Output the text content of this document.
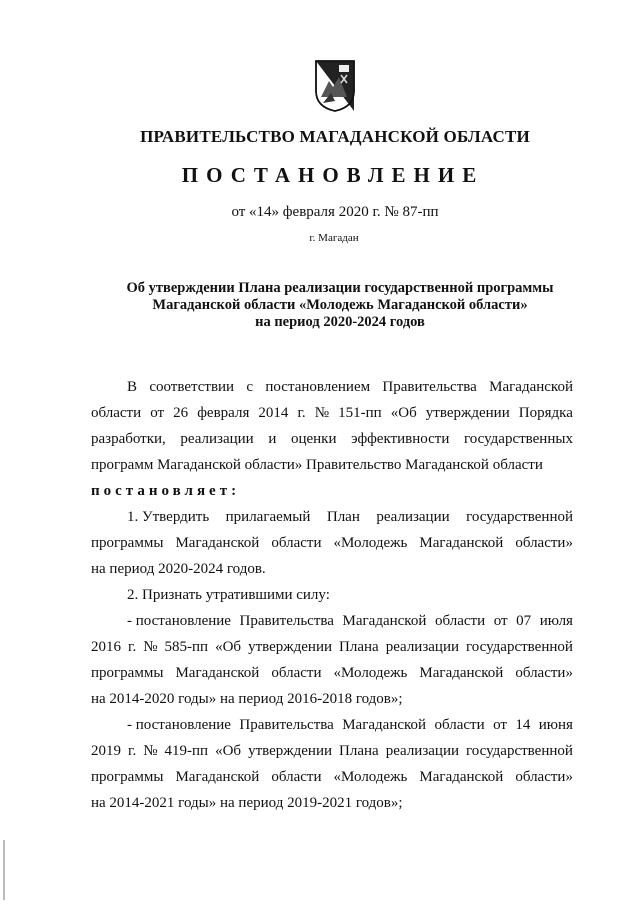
ПРАВИТЕЛЬСТВО МАГАДАНСКОЙ ОБЛАСТИ
ПОСТАНОВЛЕНИЕ
от «14» февраля 2020 г. № 87-пп
г. Магадан
Об утверждении Плана реализации государственной программы
Магаданской области «Молодежь Магаданской области»
на период 2020-2024 годов
В соответствии с постановлением Правительства Магаданской
области от 26 февраля 2014 г. № 151-пп «Об утверждении Порядка
разработки, реализации и оценки эффективности государственных
программ Магаданской области» Правительство Магаданской области
постановляет:
1. Утвердить прилагаемый План реализации государственной
программы Магаданской области «Молодежь Магаданской области»
на период 2020-2024 годов.
2. Признать утратившими силу:
- постановление Правительства Магаданской области от 07 июля
2016 г. № 585-пп «Об утверждении Плана реализации государственной
программы Магаданской области «Молодежь Магаданской области»
на 2014-2020 годы» на период 2016-2018 годов»;
- постановление Правительства Магаданской области от 14 июня
2019 г. № 419-пп «Об утверждении Плана реализации государственной
программы Магаданской области «Молодежь Магаданской области»
на 2014-2021 годы» на период 2019-2021 годов»;
